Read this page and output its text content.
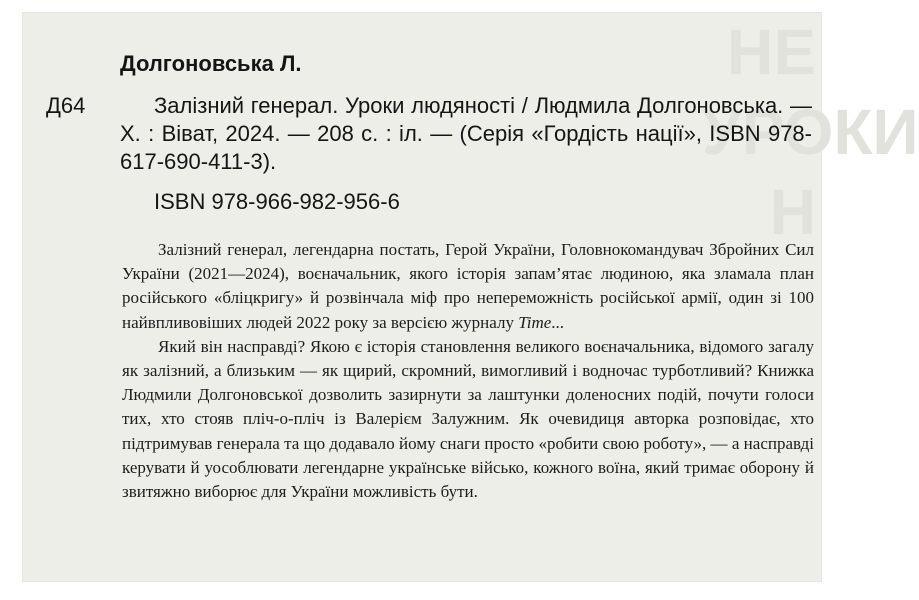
НЕ
УРОКИ
Н
Д64
Долгоновська Л.
Залізний генерал. Уроки людяності / Людмила Долгоновська. — Х. : Віват, 2024. — 208 с. : іл. — (Серія «Гордість нації», ISBN 978-617-690-411-3).
ISBN 978-966-982-956-6

Залізний генерал, легендарна постать, Герой України, Головнокомандувач Збройних Сил України (2021—2024), воєначальник, якого історія запам’ятає людиною, яка зламала план російського «бліцкригу» й розвінчала міф про непереможність російської армії, один зі 100 найвпливовіших людей 2022 року за версією журналу Time...

Який він насправді? Якою є історія становлення великого воєначальника, відомого загалу як залізний, а близьким — як щирий, скромний, вимогливий і водночас турботливий? Книжка Людмили Долгоновської дозволить зазирнути за лаштунки доленосних подій, почути голоси тих, хто стояв пліч-о-пліч із Валерієм Залужним. Як очевидиця авторка розповідає, хто підтримував генерала та що додавало йому снаги просто «робити свою роботу», — а насправді керувати й уособлювати легендарне українське військо, кожного воїна, який тримає оборону й звитяжно виборює для України можливість бути.
